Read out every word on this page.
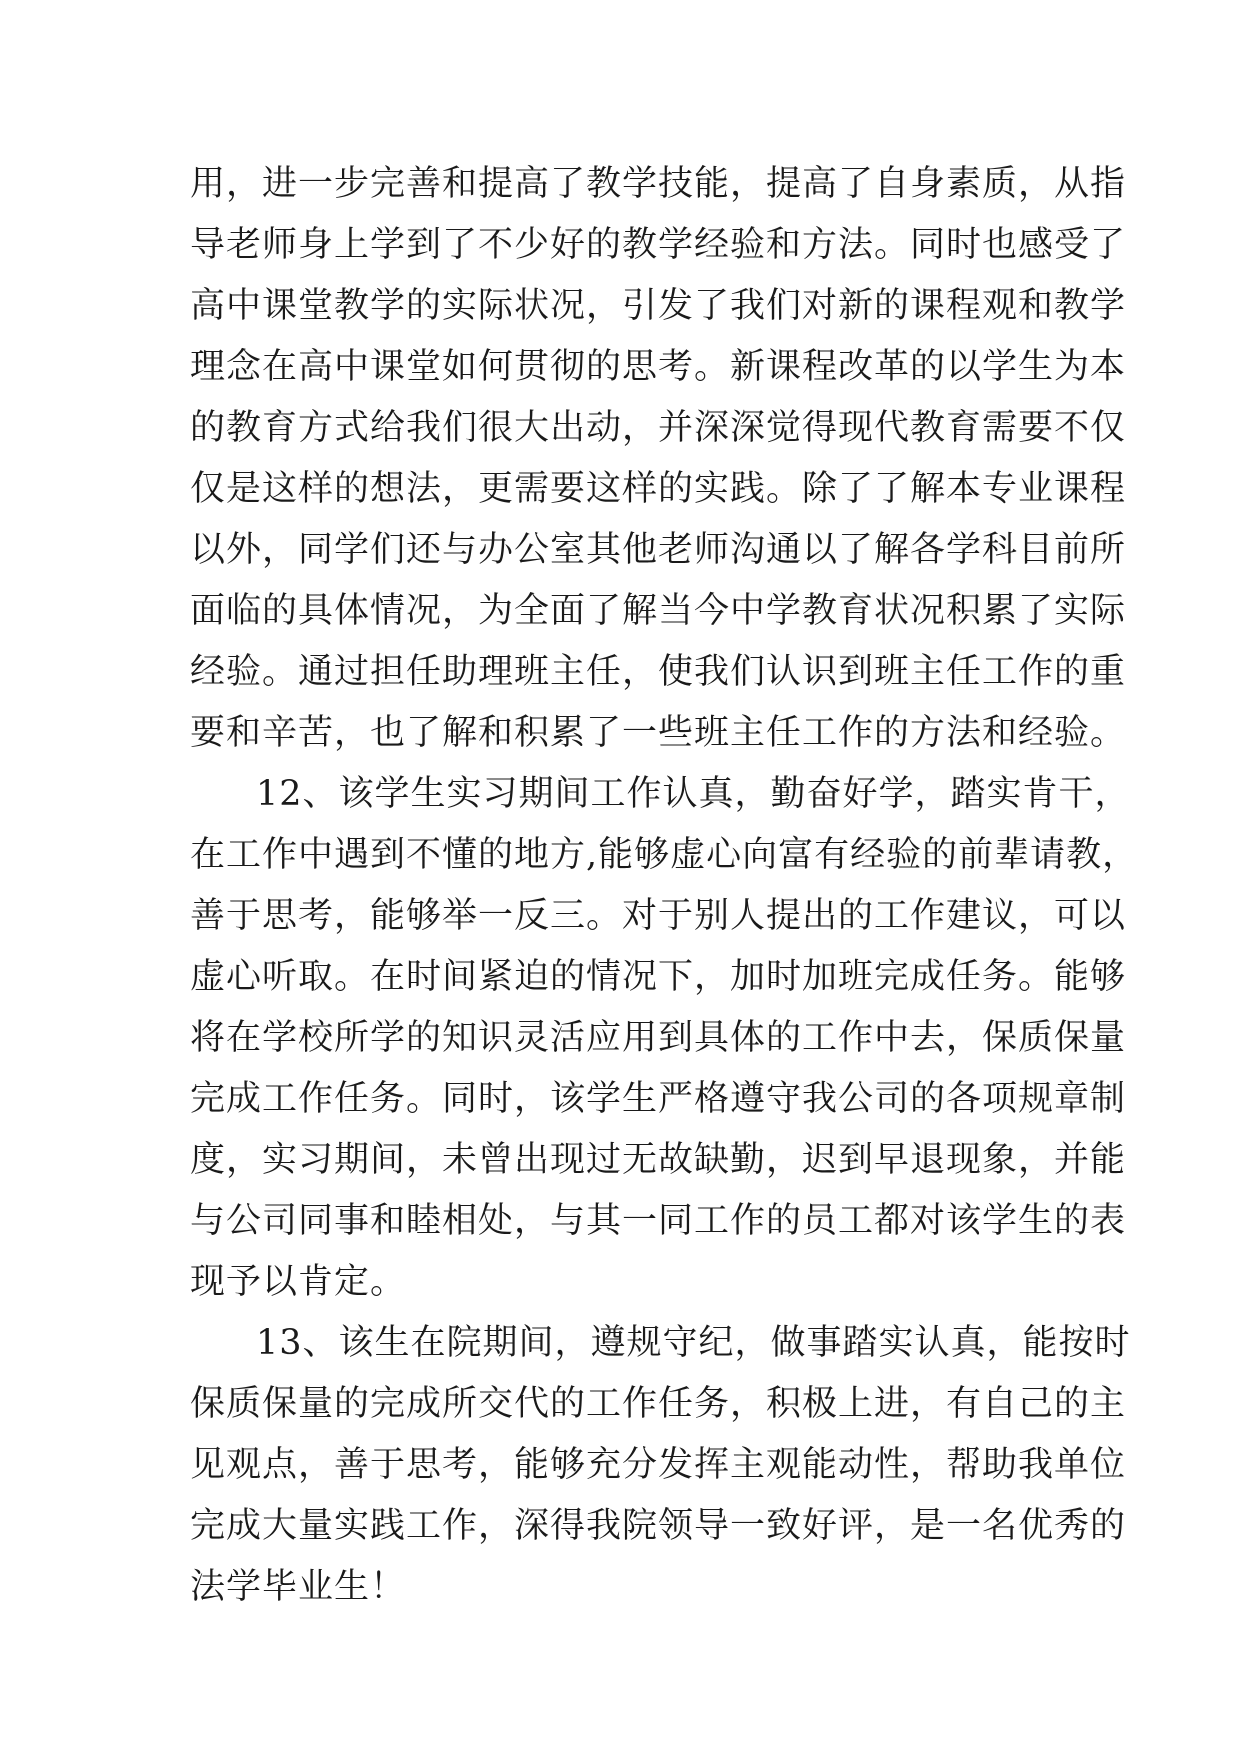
用，进一步完善和提高了教学技能，提高了自身素质，从指
导老师身上学到了不少好的教学经验和方法。同时也感受了
高中课堂教学的实际状况，引发了我们对新的课程观和教学
理念在高中课堂如何贯彻的思考。新课程改革的以学生为本
的教育方式给我们很大出动，并深深觉得现代教育需要不仅
仅是这样的想法，更需要这样的实践。除了了解本专业课程
以外，同学们还与办公室其他老师沟通以了解各学科目前所
面临的具体情况，为全面了解当今中学教育状况积累了实际
经验。通过担任助理班主任，使我们认识到班主任工作的重
要和辛苦，也了解和积累了一些班主任工作的方法和经验。
12、该学生实习期间工作认真，勤奋好学，踏实肯干，
在工作中遇到不懂的地方,能够虚心向富有经验的前辈请教，
善于思考，能够举一反三。对于别人提出的工作建议，可以
虚心听取。在时间紧迫的情况下，加时加班完成任务。能够
将在学校所学的知识灵活应用到具体的工作中去，保质保量
完成工作任务。同时，该学生严格遵守我公司的各项规章制
度，实习期间，未曾出现过无故缺勤，迟到早退现象，并能
与公司同事和睦相处，与其一同工作的员工都对该学生的表
现予以肯定。
13、该生在院期间，遵规守纪，做事踏实认真，能按时
保质保量的完成所交代的工作任务，积极上进，有自己的主
见观点，善于思考，能够充分发挥主观能动性，帮助我单位
完成大量实践工作，深得我院领导一致好评，是一名优秀的
法学毕业生！
